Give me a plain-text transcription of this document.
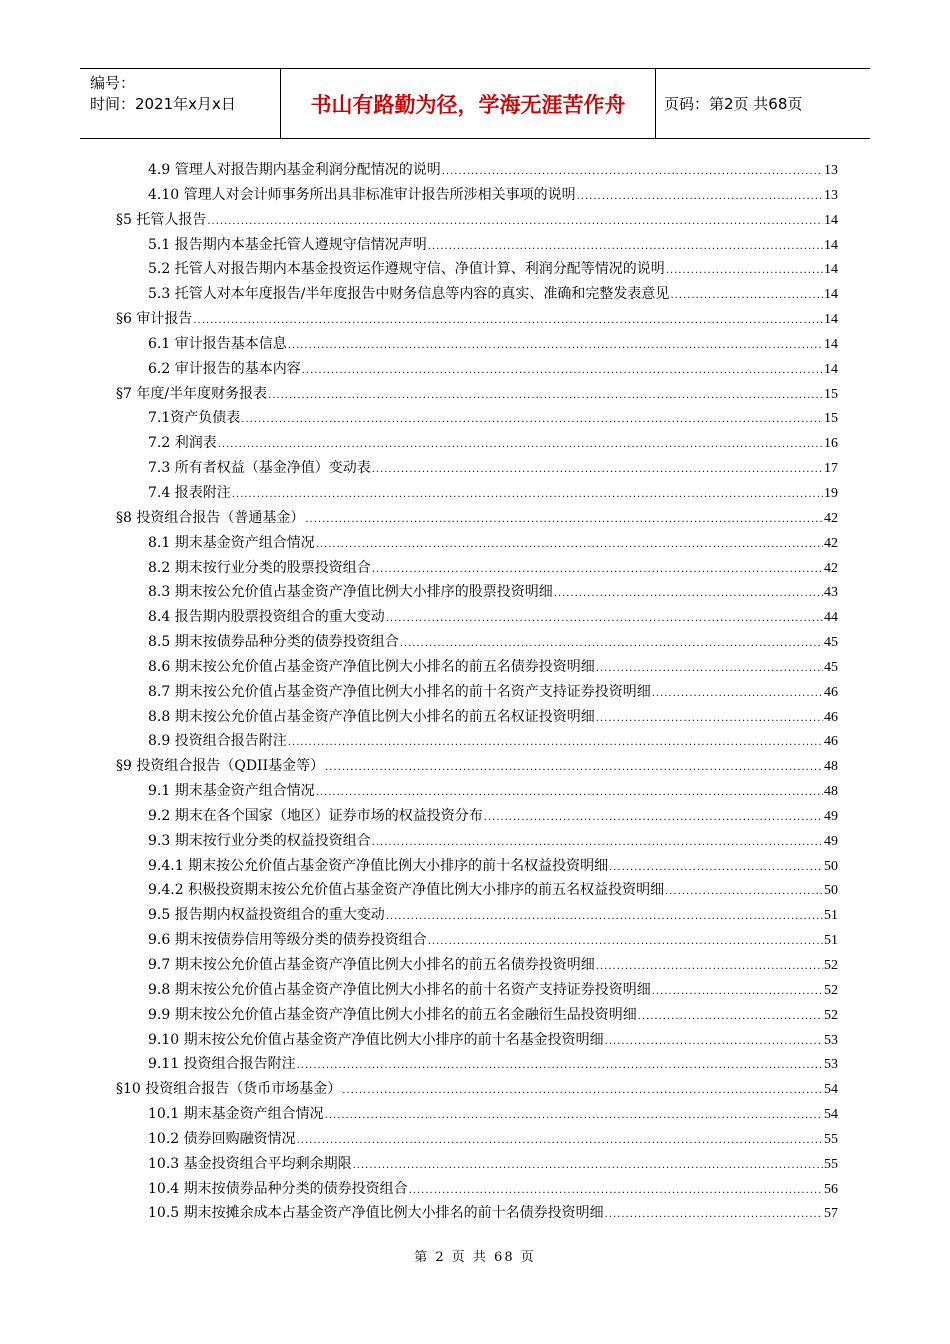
编号：
时间：2021年x月x日	书山有路勤为径，学海无涯苦作舟	页码：第2页 共68页
4.9 管理人对报告期内基金利润分配情况的说明 .....	13
4.10 管理人对会计师事务所出具非标准审计报告所涉相关事项的说明 .....	13
§5 托管人报告 .....	14
5.1 报告期内本基金托管人遵规守信情况声明 .....	14
5.2 托管人对报告期内本基金投资运作遵规守信、净值计算、利润分配等情况的说明 .....	14
5.3 托管人对本年度报告/半年度报告中财务信息等内容的真实、准确和完整发表意见 .....	14
§6 审计报告 .....	14
6.1 审计报告基本信息 .....	14
6.2 审计报告的基本内容 .....	14
§7 年度/半年度财务报表 .....	15
7.1资产负债表 .....	15
7.2 利润表 .....	16
7.3 所有者权益（基金净值）变动表 .....	17
7.4 报表附注 .....	19
§8 投资组合报告（普通基金） .....	42
8.1 期末基金资产组合情况 .....	42
8.2 期末按行业分类的股票投资组合 .....	42
8.3 期末按公允价值占基金资产净值比例大小排序的股票投资明细 .....	43
8.4 报告期内股票投资组合的重大变动 .....	44
8.5 期末按债券品种分类的债券投资组合 .....	45
8.6 期末按公允价值占基金资产净值比例大小排名的前五名债券投资明细 .....	45
8.7 期末按公允价值占基金资产净值比例大小排名的前十名资产支持证券投资明细 .....	46
8.8 期末按公允价值占基金资产净值比例大小排名的前五名权证投资明细 .....	46
8.9 投资组合报告附注 .....	46
§9 投资组合报告（QDII基金等） .....	48
9.1 期末基金资产组合情况 .....	48
9.2 期末在各个国家（地区）证券市场的权益投资分布 .....	49
9.3 期末按行业分类的权益投资组合 .....	49
9.4.1 期末按公允价值占基金资产净值比例大小排序的前十名权益投资明细 .....	50
9.4.2 积极投资期末按公允价值占基金资产净值比例大小排序的前五名权益投资明细 .....	50
9.5 报告期内权益投资组合的重大变动 .....	51
9.6 期末按债券信用等级分类的债券投资组合 .....	51
9.7 期末按公允价值占基金资产净值比例大小排名的前五名债券投资明细 .....	52
9.8 期末按公允价值占基金资产净值比例大小排名的前十名资产支持证券投资明细 .....	52
9.9 期末按公允价值占基金资产净值比例大小排名的前五名金融衍生品投资明细 .....	52
9.10 期末按公允价值占基金资产净值比例大小排序的前十名基金投资明细 .....	53
9.11 投资组合报告附注 .....	53
§10 投资组合报告（货币市场基金） .....	54
10.1 期末基金资产组合情况 .....	54
10.2 债券回购融资情况 .....	55
10.3 基金投资组合平均剩余期限 .....	55
10.4 期末按债券品种分类的债券投资组合 .....	56
10.5 期末按摊余成本占基金资产净值比例大小排名的前十名债券投资明细 .....	57
第 2 页 共 68 页
